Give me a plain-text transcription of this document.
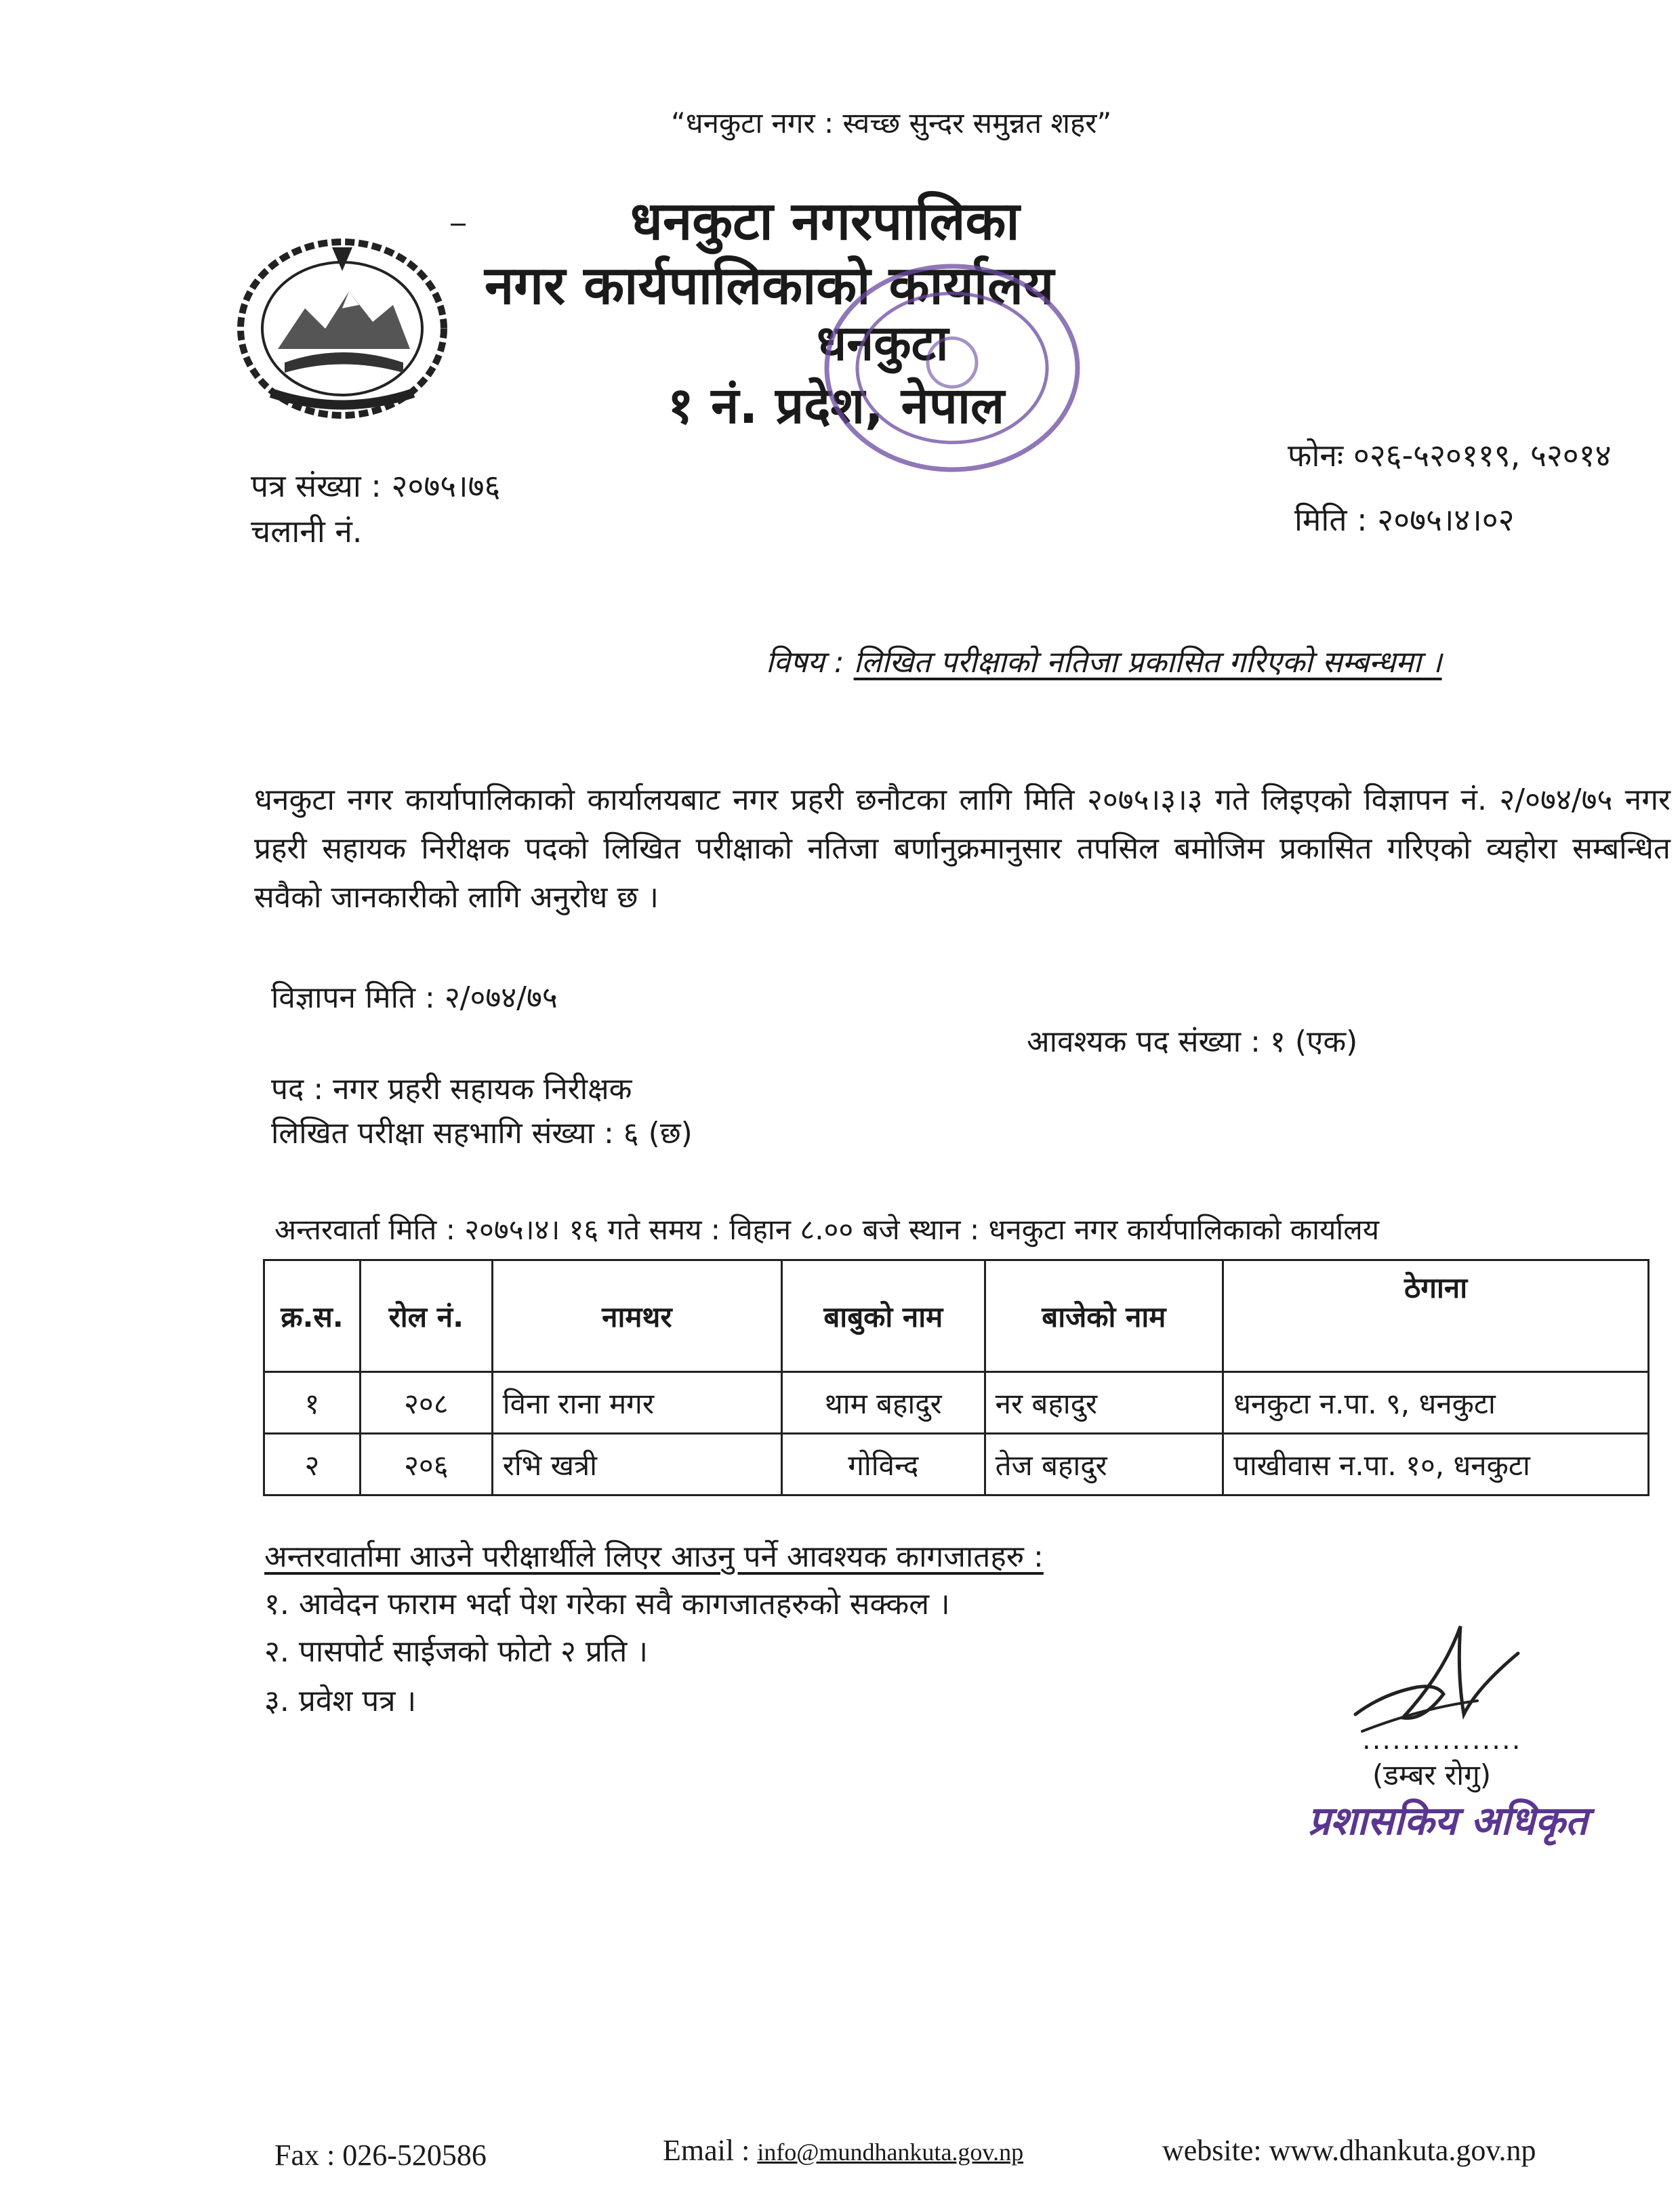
“धनकुटा नगर : स्वच्छ सुन्दर समुन्नत शहर”
धनकुटा नगरपालिका
नगर कार्यपालिकाको कार्यालय
धनकुटा
१ नं. प्रदेश, नेपाल
पत्र संख्या : २०७५।७६
चलानी नं.
फोनः ०२६-५२०११९, ५२०१४
मिति : २०७५।४।०२
विषय : लिखित परीक्षाको नतिजा प्रकासित गरिएको सम्बन्धमा ।
धनकुटा नगर कार्यापालिकाको कार्यालयबाट नगर प्रहरी छनौटका लागि मिति २०७५।३।३ गते लिइएको विज्ञापन नं. २/०७४/७५ नगर प्रहरी सहायक निरीक्षक पदको लिखित परीक्षाको नतिजा बर्णानुक्रमानुसार तपसिल बमोजिम प्रकासित गरिएको व्यहोरा सम्बन्धित सवैको जानकारीको लागि अनुरोध छ ।
विज्ञापन मिति : २/०७४/७५
आवश्यक पद संख्या : १ (एक)
पद : नगर प्रहरी सहायक निरीक्षक
लिखित परीक्षा सहभागि संख्या : ६ (छ)
अन्तरवार्ता मिति : २०७५।४। १६ गते समय : विहान ८.०० बजे स्थान : धनकुटा नगर कार्यपालिकाको कार्यालय
क्र.स.	रोल नं.	नामथर	बाबुको नाम	बाजेको नाम	ठेगाना
१	२०८	विना राना मगर	थाम बहादुर	नर बहादुर	धनकुटा न.पा. ९, धनकुटा
२	२०६	रभि खत्री	गोविन्द	तेज बहादुर	पाखीवास न.पा. १०, धनकुटा
अन्तरवार्तामा आउने परीक्षार्थीले लिएर आउनु पर्ने आवश्यक कागजातहरु :
१. आवेदन फाराम भर्दा पेश गरेका सवै कागजातहरुको सक्कल ।
२. पासपोर्ट साईजको फोटो २ प्रति ।
३. प्रवेश पत्र ।
................
(डम्बर रोगु)
प्रशासकिय अधिकृत
Fax : 026-520586	Email : info@mundhankuta.gov.np	website: www.dhankuta.gov.np
